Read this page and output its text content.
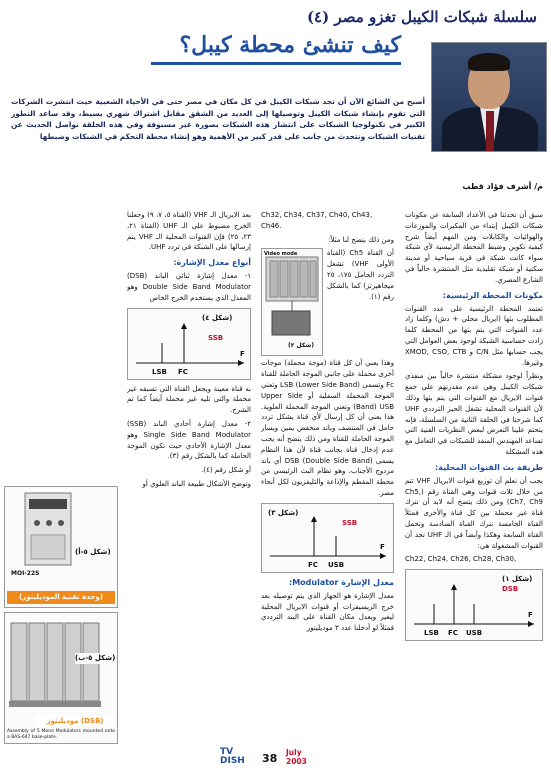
سلسلة شبكات الكيبل تغزو مصر (٤)
كيف تنشئ محطة كيبل؟
م/ أشرف فؤاد قطب
أصبح من الشائع الآن أن تجد شبكات الكيبل في كل مكان في مصر حتى في الأحياء الشعبية حيث انتشرت الشركات التي تقوم بإنشاء شبكات الكيبل وتوصيلها إلى العديد من الشقق مقابل اشتراك شهري بسيط، وقد ساعد التطور الكبير في تكنولوجيا الشبكات على انتشار هذه الشبكات بصورة غير مسبوقة وفي هذه الحلقة نواصل الحديث عن تقنيات الشبكات ونتحدث من جانب على قدر كبير من الأهمية وهو إنشاء محطة التحكم في الشبكات وضبطها

سبق أن تحدثنا في الأعداد السابقة عن مكونات شبكات الكيبل إبتداء من المكبرات والموزعات والهوائيات والكابلات ومن المهم أيضاً شرح كيفية تكوين وضبط المحطة الرئيسية لأي شبكة سواء كانت شبكة في قرية سياحية أو مدينة سكنية أو شبكة تقليدية مثل المنتشرة حالياً في الشارع المصري.

مكونات المحطة الرئيسية:

تعتمد المحطة الرئيسية على عدد القنوات المطلوب بثها (ايريال محلي + دش) وكلما زاد عدد القنوات التي يتم بثها من المحطة كلما زادت حساسية الشبكة لوجود بعض العوامل التي يجب حسابها مثل C/N و XMOD, CSO, CTB وغيرها.

ونظراً لوجود مشكلة منتشرة حالياً بين منفذي شبكات الكيبل وهي عدم مقدرتهم على جمع قنوات الايريال مع القنوات التي يتم بثها وذلك لأن القنوات المحلية تشغل الحيز الترددي UHF كما شرحنا في الحلقة الثانية من السلسلة، فإنه يتحتم علينا التعرض لبعض النظريات الفنية التي تساعد المهندس المنفذ للشبكات في التعامل مع هذه المشكلة

طريقة بث القنوات المحلية:

يجب أن نعلم أن توزيع قنوات الايريال VHF تتم من خلال ثلاث قنوات وهي القناة رقم (Ch5, Ch7, Ch9) ومن ذلك يتضح أنه لابد أن نترك قناة غير محملة بين كل قناة والأخرى فمثلاً القناة الخامسة نترك القناة السادسة ونحمل القناة السابعة وهكذا وأيضاً في الـ UHF نجد أن القنوات المشغولة هي:

Ch22, Ch24, Ch26, Ch28, Ch30,

(شكل ١)
DSB
LSB FC USB
F

Ch32, Ch34, Ch37, Ch40, Ch43, Ch46.

ومن ذلك يتضح لنا مثلاً:

Video mode
(شكل ٢)

أن القناة Ch5 (القناة الأولى VHF) تشغل التردد الحامل ١٧٥، ٢٥ ميجاهيرتز) كما بالشكل رقم (١).

وهذا يعني أن كل قناة (موجة محملة) موجات أخرى محملة على جانبي الموجة الحاملة للقناة Fc وتسمى (Lower Side Band) LSB وتعني الموجة المحملة السفلية أو Upper Side Band) USB) وتعني الموجة المحملة العلوية. هذا يعني أن كل إرسال لأي قناة يشكل تردد حامل في المنتصف وباند منخفض يمين ويسار الموجة الحاملة للقناة ومن ذلك يتضح أنه يجب عدم إدخال قناة بجانب قناة لأن هذا النظام يسمى (Double Side Band) DSB أي باند مزدوج الأجناب، وهو نظام البث الرئيسي من محطة المقطم والإذاعة والتليفزيون لكل أنحاء مصر.

(شكل ٣)
SSB
FC USB
F
معدل الإشارة Modulator:

معدل الإشارة هو الجهاز الذي يتم توصيله بعد خرج الريسيفرات أو قنوات الايريال المحلية ليغير ويعدل مكان القناة على البند الترددي فمثلاً لو أدخلنا عدد ٣ موديليتور

بعد الايريال الـ VHF (القناة ٥، ٧، ٩) وجعلنا الخرج مضبوط على الـ UHF (القناة ٢١، ٢٣، ٢٥) فإن القنوات المحلية الـ VHF يتم إرسالها على الشبكة في تردد UHF.

أنواع معدل الإشارة:

١- معدل إشارة ثنائي الباند (DSB) Double Side Band Modulator وهو المعدل الذي يستخدم الخرج الخاص

(شكل ٤)
SSB
LSB FC
F

به قناة معينة ويجعل القناة التي تسبقه غير محملة والتي تليه غير محملة أيضاً كما تم الشرح.

٢- معدل إشارة أحادي الباند (SSB) Single Side Band Modulator وهو معدل الإشارة الأحادي حيث تكون الموجة الحاملة كما بالشكل رقم (٣).

أو شكل رقم (٤).

وتوضح الأشكال طبيعة الباند العلوي أو

MOI-22S
(شكل ٥-أ)
(وحدة تقنية الموديليتور)
(شكل ٥-ب)
موديليتور (DSB)
Assembly of 5 Mono Modulators mounted onto a BAS-647 base-plate.
TV
DISH	38 July
2003
